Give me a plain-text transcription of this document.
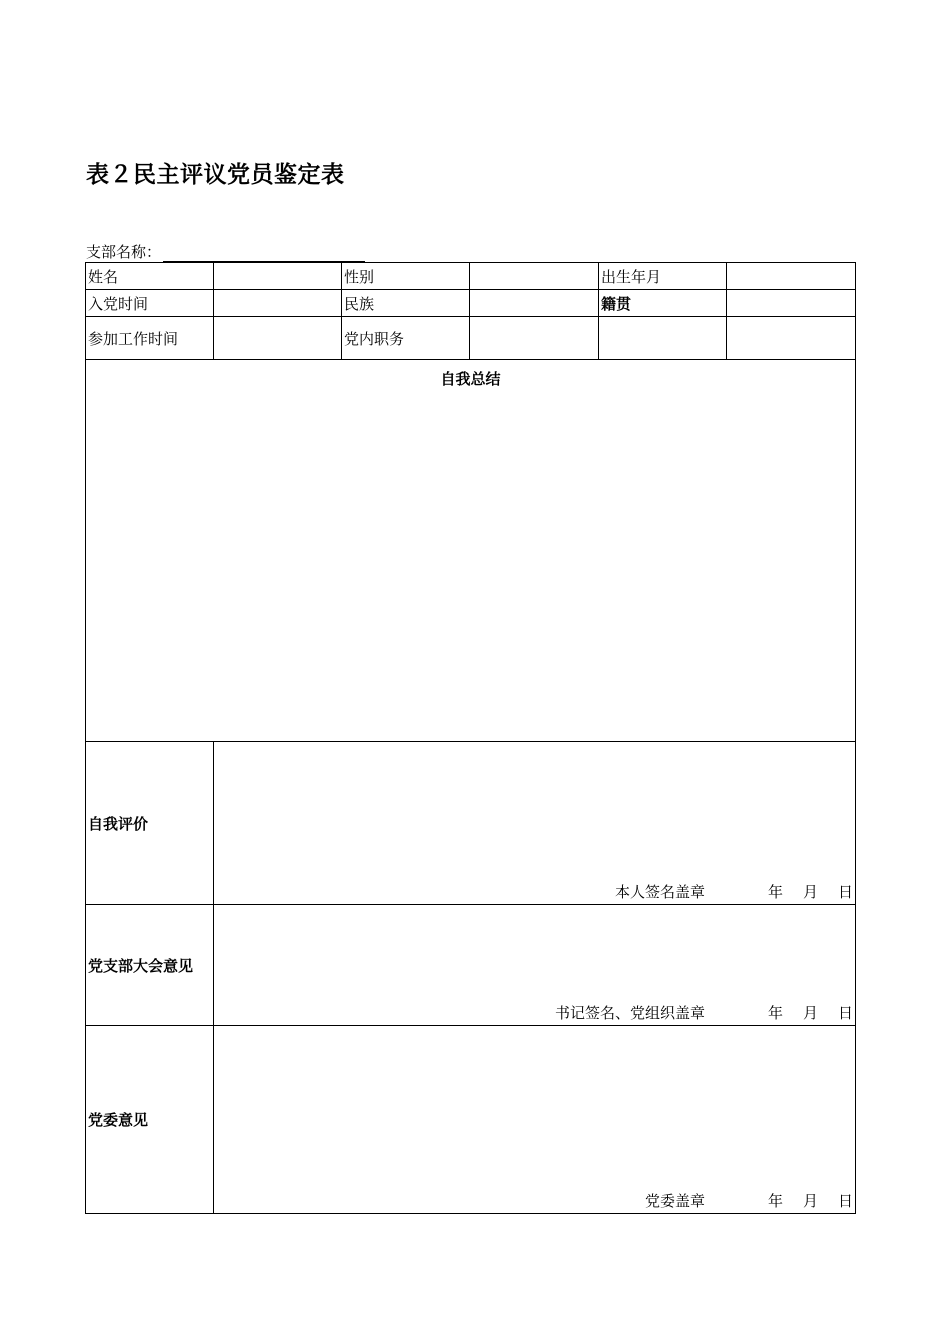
表２民主评议党员鉴定表
支部名称：
姓名	性别	出生年月
入党时间	民族	籍贯
参加工作时间	党内职务
自我总结
自我评价
本人签名盖章	年 月 日
党支部大会意见
书记签名、党组织盖章	年 月 日
党委意见
党委盖章	年 月 日
